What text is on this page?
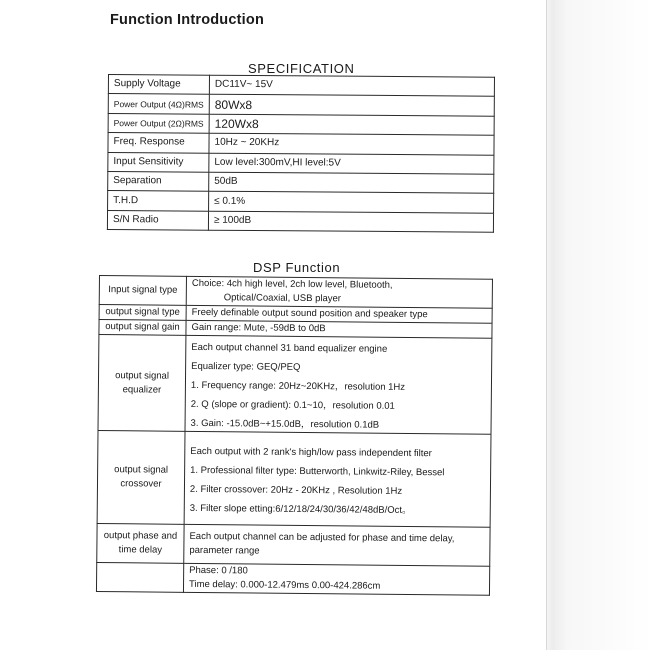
Function Introduction
SPECIFICATION
Supply Voltage	DC11V~ 15V
Power Output (4Ω)RMS	80Wx8
Power Output (2Ω)RMS	120Wx8
Freq. Response	10Hz ~ 20KHz
Input Sensitivity	Low level:300mV,HI level:5V
Separation	50dB
T.H.D	≤ 0.1%
S/N Radio	≥ 100dB
DSP Function
Input signal type	Choice: 4ch high level, 2ch low level, Bluetooth,
Optical/Coaxial, USB player

output signal type	Freely definable output sound position and speaker type
output signal gain	Gain range: Mute, -59dB to 0dB
output signal equalizer	Each output channel 31 band equalizer engine
Equalizer type: GEQ/PEQ
1. Frequency range: 20Hz~20KHz，resolution 1Hz
2. Q (slope or gradient): 0.1~10，resolution 0.01
3. Gain: -15.0dB~+15.0dB，resolution 0.1dB

output signal crossover	Each output with 2 rank's high/low pass independent filter
1. Professional filter type: Butterworth, Linkwitz-Riley, Bessel
2. Filter crossover: 20Hz - 20KHz , Resolution 1Hz
3. Filter slope etting:6/12/18/24/30/36/42/48dB/Oct。

output phase and time delay	Each output channel can be adjusted for phase and time delay,
parameter range

	Phase: 0 /180
Time delay: 0.000-12.479ms 0.00-424.286cm
